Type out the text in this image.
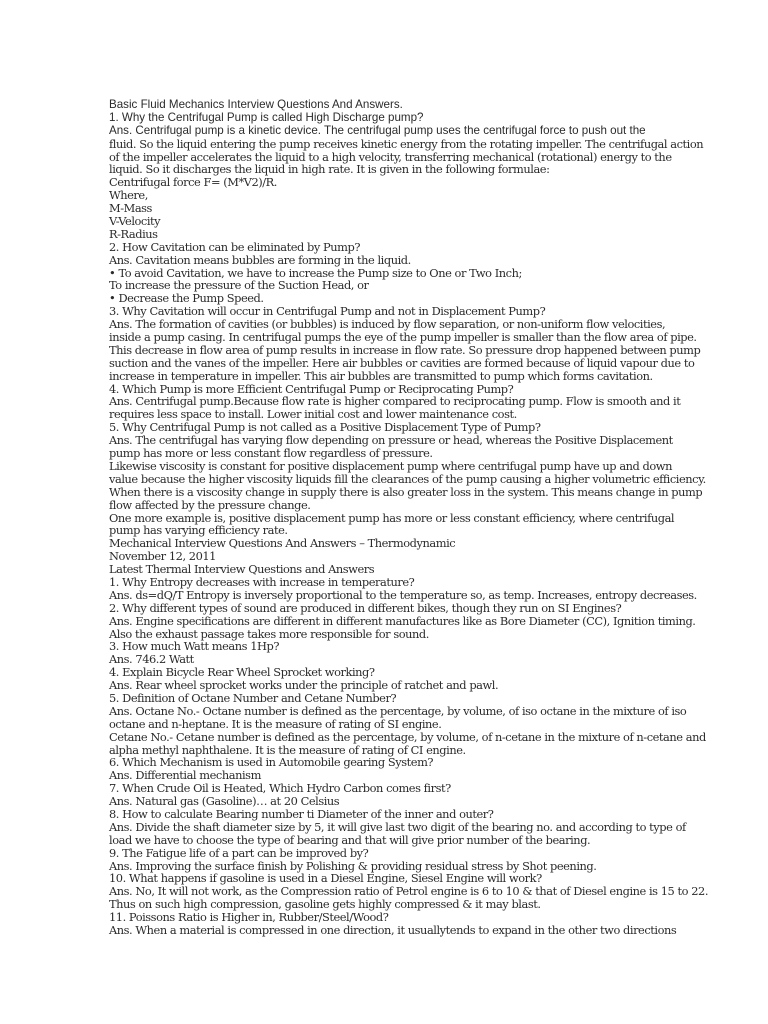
Basic Fluid Mechanics Interview Questions And Answers.
1. Why the Centrifugal Pump is called High Discharge pump?
Ans. Centrifugal pump is a kinetic device. The centrifugal pump uses the centrifugal force to push out the
fluid. So the liquid entering the pump receives kinetic energy from the rotating impeller. The centrifugal action
of the impeller accelerates the liquid to a high velocity, transferring mechanical (rotational) energy to the
liquid. So it discharges the liquid in high rate. It is given in the following formulae:
Centrifugal force F= (M*V2)/R.
Where,
M-Mass
V-Velocity
R-Radius
2. How Cavitation can be eliminated by Pump?
Ans. Cavitation means bubbles are forming in the liquid.
• To avoid Cavitation, we have to increase the Pump size to One or Two Inch;
To increase the pressure of the Suction Head, or
• Decrease the Pump Speed.
3. Why Cavitation will occur in Centrifugal Pump and not in Displacement Pump?
Ans. The formation of cavities (or bubbles) is induced by flow separation, or non-uniform flow velocities,
inside a pump casing. In centrifugal pumps the eye of the pump impeller is smaller than the flow area of pipe.
This decrease in flow area of pump results in increase in flow rate. So pressure drop happened between pump
suction and the vanes of the impeller. Here air bubbles or cavities are formed because of liquid vapour due to
increase in temperature in impeller. This air bubbles are transmitted to pump which forms cavitation.
4. Which Pump is more Efficient Centrifugal Pump or Reciprocating Pump?
Ans. Centrifugal pump.Because flow rate is higher compared to reciprocating pump. Flow is smooth and it
requires less space to install. Lower initial cost and lower maintenance cost.
5. Why Centrifugal Pump is not called as a Positive Displacement Type of Pump?
Ans. The centrifugal has varying flow depending on pressure or head, whereas the Positive Displacement
pump has more or less constant flow regardless of pressure.
Likewise viscosity is constant for positive displacement pump where centrifugal pump have up and down
value because the higher viscosity liquids fill the clearances of the pump causing a higher volumetric efficiency.
When there is a viscosity change in supply there is also greater loss in the system. This means change in pump
flow affected by the pressure change.
One more example is, positive displacement pump has more or less constant efficiency, where centrifugal
pump has varying efficiency rate.
Mechanical Interview Questions And Answers – Thermodynamic
November 12, 2011
Latest Thermal Interview Questions and Answers
1. Why Entropy decreases with increase in temperature?
Ans. ds=dQ/T Entropy is inversely proportional to the temperature so, as temp. Increases, entropy decreases.
2. Why different types of sound are produced in different bikes, though they run on SI Engines?
Ans. Engine specifications are different in different manufactures like as Bore Diameter (CC), Ignition timing.
Also the exhaust passage takes more responsible for sound.
3. How much Watt means 1Hp?
Ans. 746.2 Watt
4. Explain Bicycle Rear Wheel Sprocket working?
Ans. Rear wheel sprocket works under the principle of ratchet and pawl.
5. Definition of Octane Number and Cetane Number?
Ans. Octane No.- Octane number is defined as the percentage, by volume, of iso octane in the mixture of iso
octane and n-heptane. It is the measure of rating of SI engine.
Cetane No.- Cetane number is defined as the percentage, by volume, of n-cetane in the mixture of n-cetane and
alpha methyl naphthalene. It is the measure of rating of CI engine.
6. Which Mechanism is used in Automobile gearing System?
Ans. Differential mechanism
7. When Crude Oil is Heated, Which Hydro Carbon comes first?
Ans. Natural gas (Gasoline)… at 20 Celsius
8. How to calculate Bearing number ti Diameter of the inner and outer?
Ans. Divide the shaft diameter size by 5, it will give last two digit of the bearing no. and according to type of
load we have to choose the type of bearing and that will give prior number of the bearing.
9. The Fatigue life of a part can be improved by?
Ans. Improving the surface finish by Polishing & providing residual stress by Shot peening.
10. What happens if gasoline is used in a Diesel Engine, Siesel Engine will work?
Ans. No, It will not work, as the Compression ratio of Petrol engine is 6 to 10 & that of Diesel engine is 15 to 22.
Thus on such high compression, gasoline gets highly compressed & it may blast.
11. Poissons Ratio is Higher in, Rubber/Steel/Wood?
Ans. When a material is compressed in one direction, it usuallytends to expand in the other two directions
